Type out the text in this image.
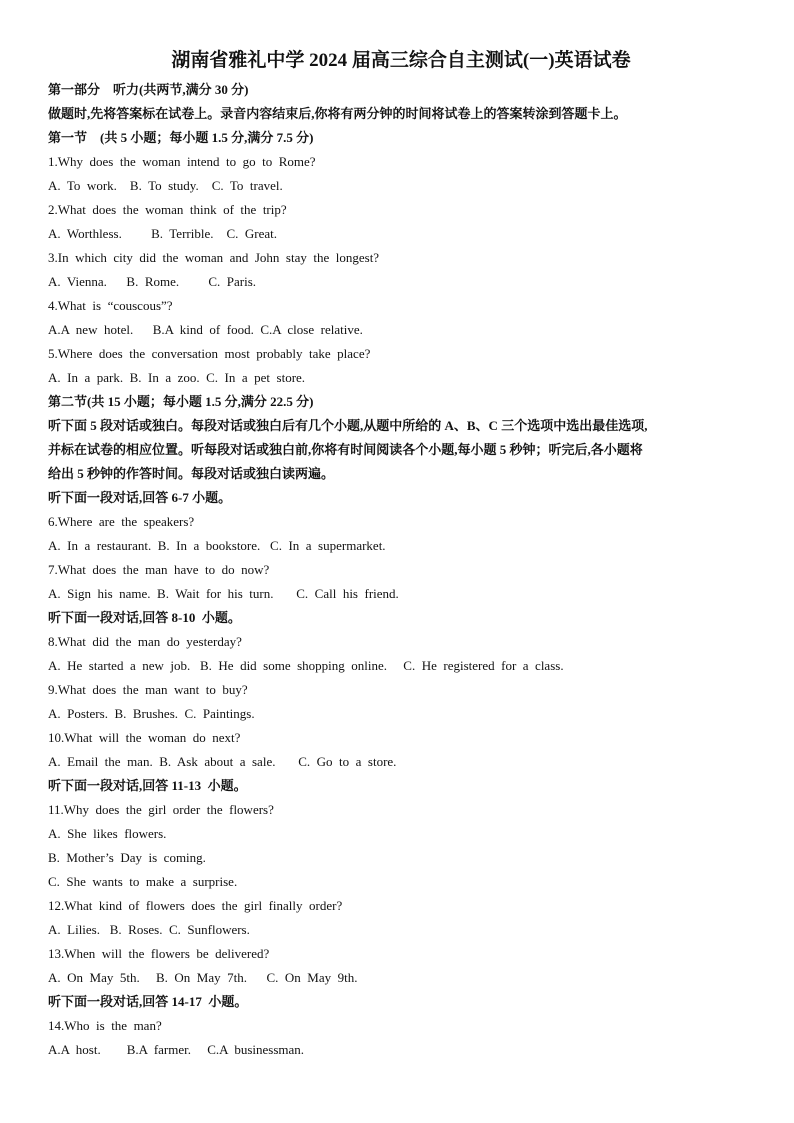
湖南省雅礼中学 2024 届高三综合自主测试(一)英语试卷
第一部分    听力(共两节,满分 30 分)
做题时,先将答案标在试卷上。录音内容结束后,你将有两分钟的时间将试卷上的答案转涂到答题卡上。
第一节    (共 5 小题；每小题 1.5 分,满分 7.5 分)
1.Why  does  the  woman  intend  to  go  to  Rome?
A.  To  work.    B.  To  study.    C.  To  travel.
2.What  does  the  woman  think  of  the  trip?
A.  Worthless.         B.  Terrible.    C.  Great.
3.In  which  city  did  the  woman  and  John  stay  the  longest?
A.  Vienna.      B.  Rome.         C.  Paris.
4.What  is  “couscous”?
A.A  new  hotel.      B.A  kind  of  food.  C.A  close  relative.
5.Where  does  the  conversation  most  probably  take  place?
A.  In  a  park.  B.  In  a  zoo.  C.  In  a  pet  store.
第二节(共 15 小题；每小题 1.5 分,满分 22.5 分)
听下面 5 段对话或独白。每段对话或独白后有几个小题,从题中所给的 A、B、C 三个选项中选出最佳选项,
并标在试卷的相应位置。听每段对话或独白前,你将有时间阅读各个小题,每小题 5 秒钟；听完后,各小题将
给出 5 秒钟的作答时间。每段对话或独白读两遍。
听下面一段对话,回答 6-7 小题。
6.Where  are  the  speakers?
A.  In  a  restaurant.  B.  In  a  bookstore.   C.  In  a  supermarket.
7.What  does  the  man  have  to  do  now?
A.  Sign  his  name.  B.  Wait  for  his  turn.       C.  Call  his  friend.
听下面一段对话,回答 8-10  小题。
8.What  did  the  man  do  yesterday?
A.  He  started  a  new  job.   B.  He  did  some  shopping  online.     C.  He  registered  for  a  class.
9.What  does  the  man  want  to  buy?
A.  Posters.  B.  Brushes.  C.  Paintings.
10.What  will  the  woman  do  next?
A.  Email  the  man.  B.  Ask  about  a  sale.       C.  Go  to  a  store.
听下面一段对话,回答 11-13  小题。
11.Why  does  the  girl  order  the  flowers?
A.  She  likes  flowers.
B.  Mother’s  Day  is  coming.
C.  She  wants  to  make  a  surprise.
12.What  kind  of  flowers  does  the  girl  finally  order?
A.  Lilies.   B.  Roses.  C.  Sunflowers.
13.When  will  the  flowers  be  delivered?
A.  On  May  5th.     B.  On  May  7th.      C.  On  May  9th.
听下面一段对话,回答 14-17  小题。
14.Who  is  the  man?
A.A  host.        B.A  farmer.     C.A  businessman.
